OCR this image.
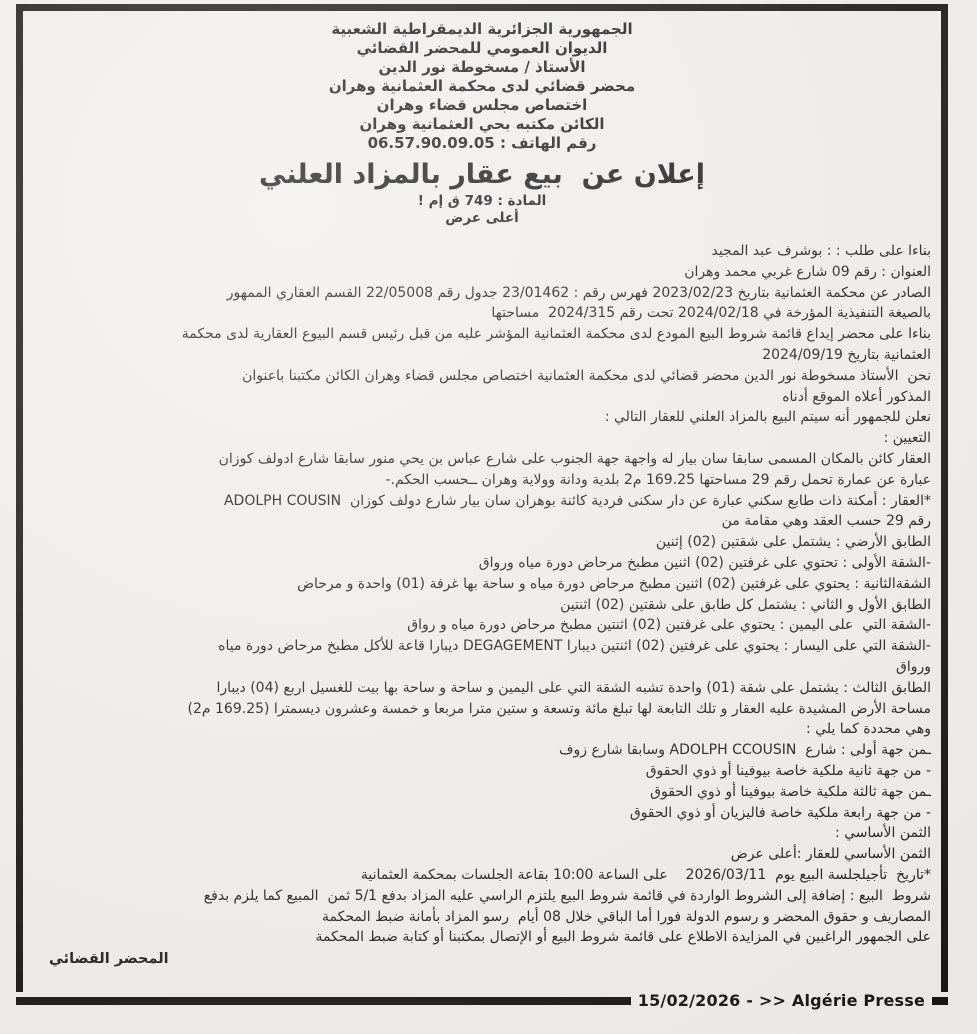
الجمهورية الجزائرية الديمقراطية الشعبية
الديوان العمومي للمحضر القضائي
الأستاذ / مسخوطة نور الدين
محضر قضائي لدى محكمة العثمانية وهران
اختصاص مجلس قضاء وهران
الكائن مكتبه بحي العثمانية وهران
رقم الهاتف : 06.57.90.09.05
إعلان عن  بيع عقار بالمزاد العلني
المادة : 749 ق إم !
أعلى عرض
بناءا على طلب : : بوشرف عبد المجيد
العنوان : رقم 09 شارع غربي محمد وهران
الصادر عن محكمة العثمانية بتاريخ 2023/02/23 فهرس رقم : 23/01462 جدول رقم 22/05008 القسم العقاري الممهور
بالصيغة التنفيذية المؤرخة في 2024/02/18 تحت رقم 2024/315  مساحتها
بناءا على محضر إيداع قائمة شروط البيع المودع لدى محكمة العثمانية المؤشر عليه من قبل رئيس قسم البيوع العقارية لدى محكمة
العثمانية بتاريخ 2024/09/19
نحن  الأستاذ مسخوطة نور الدين محضر قضائي لدى محكمة العثمانية اختصاص مجلس قضاء وهران الكائن مكتبنا باعنوان
المذكور أعلاه الموقع أدناه
نعلن للجمهور أنه سيتم البيع بالمزاد العلني للعقار التالي :
التعيين :
العقار كائن بالمكان المسمى سابقا سان بيار له واجهة جهة الجنوب على شارع عباس بن يحي منور سابقا شارع ادولف كوزان
عبارة عن عمارة تحمل رقم 29 مساحتها 169.25 م2 بلدية ودانة وولاية وهران ــحسب الحكم.-
*العقار : أمكنة ذات طابع سكني عبارة عن دار سكنى فردية كائنة بوهران سان بيار شارع دولف كوزان  ADOLPH COUSIN
رقم 29 حسب العقد وهي مقامة من
الطابق الأرضي : يشتمل على شقتين (02) إثنين
-الشقة الأولى : تحتوي على غرفتين (02) اثنين مطبخ مرحاض دورة مياه ورواق
الشقةالثانية : يحتوي على غرفتين (02) اثنين مطبخ مرحاض دورة مياه و ساحة بها غرفة (01) واحدة و مرحاض
الطابق الأول و الثاني : يشتمل كل طابق على شقتين (02) اثنتين
-الشقة التي  على اليمين : يحتوي على غرفتين (02) اثنتين مطبخ مرحاض دورة مياه و رواق
-الشقة التي على اليسار : يحتوي على غرفتين (02) اثنتين ديبارا DEGAGEMENT ديبارا قاعة للأكل مطبخ مرحاض دورة مياه
ورواق
الطابق الثالث : يشتمل على شقة (01) واحدة تشبه الشقة التي على اليمين و ساحة و ساحة بها بيت للغسيل اربع (04) ديبارا
مساحة الأرض المشيدة عليه العقار و تلك التابعة لها تبلغ مائة وتسعة و ستين مترا مربعا و خمسة وعشرون ديسمترا (169.25 م2)
وهي محددة كما يلي :
ـمن جهة أولى : شارع  ADOLPH CCOUSIN وسابقا شارع زوف
- من جهة ثانية ملكية خاصة بيوفينا أو ذوي الحقوق
ـمن جهة ثالثة ملكية خاصة بيوفينا أو ذوي الحقوق
- من جهة رابعة ملكية خاصة فاليزيان أو ذوي الحقوق
الثمن الأساسي :
الثمن الأساسي للعقار :أعلى عرض
*تاريخ  تأجيلجلسة البيع يوم  2026/03/11    على الساعة 10:00 بقاعة الجلسات بمحكمة العثمانية
شروط  البيع : إضافة إلى الشروط الواردة في قائمة شروط البيع يلتزم الراسي عليه المزاد بدفع 5/1 ثمن  المبيع كما يلزم بدفع
المصاريف و حقوق المحضر و رسوم الدولة فورا أما الباقي خلال 08 أيام  رسو المزاد بأمانة ضبط المحكمة
على الجمهور الراغبين في المزايدة الاطلاع على قائمة شروط البيع أو الإتصال بمكتبنا أو كتابة ضبط المحكمة
المحضر القضائي
15/02/2026 - >> Algérie Presse
